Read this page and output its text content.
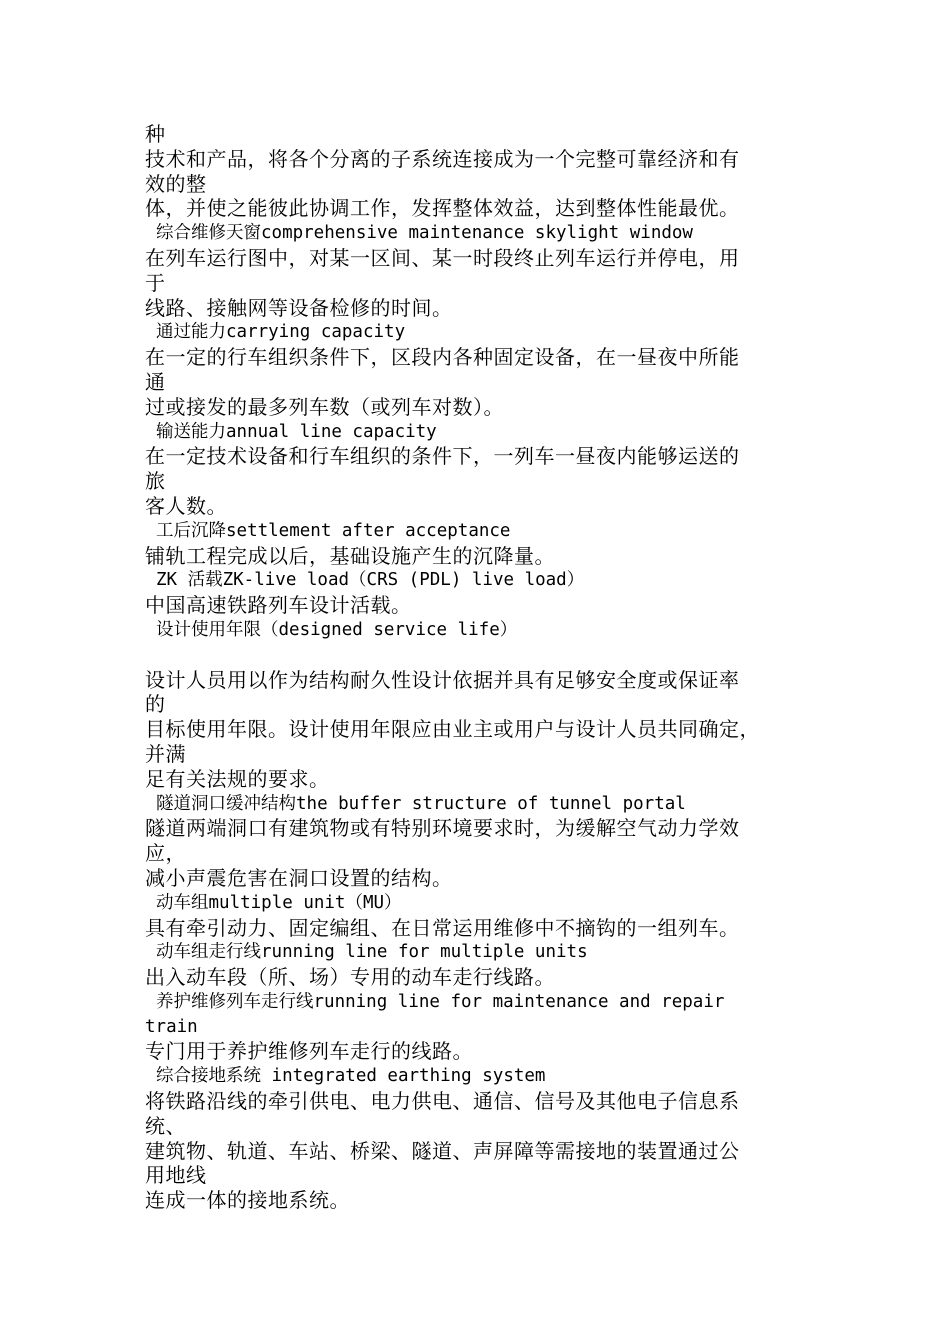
种
技术和产品，将各个分离的子系统连接成为一个完整可靠经济和有
效的整
体，并使之能彼此协调工作，发挥整体效益，达到整体性能最优。
综合维修天窗comprehensive maintenance skylight window
在列车运行图中，对某一区间、某一时段终止列车运行并停电，用
于
线路、接触网等设备检修的时间。
通过能力carrying capacity
在一定的行车组织条件下，区段内各种固定设备，在一昼夜中所能
通
过或接发的最多列车数（或列车对数）。
输送能力annual line capacity
在一定技术设备和行车组织的条件下，一列车一昼夜内能够运送的
旅
客人数。
工后沉降settlement after acceptance
铺轨工程完成以后，基础设施产生的沉降量。
ZK 活载ZK-live load（CRS (PDL) live load）
中国高速铁路列车设计活载。
设计使用年限（designed service life）
设计人员用以作为结构耐久性设计依据并具有足够安全度或保证率
的
目标使用年限。设计使用年限应由业主或用户与设计人员共同确定，
并满
足有关法规的要求。
隧道洞口缓冲结构the buffer structure of tunnel portal
隧道两端洞口有建筑物或有特别环境要求时，为缓解空气动力学效
应，
减小声震危害在洞口设置的结构。
动车组multiple unit（MU）
具有牵引动力、固定编组、在日常运用维修中不摘钩的一组列车。
动车组走行线running line for multiple units
出入动车段（所、场）专用的动车走行线路。
养护维修列车走行线running line for maintenance and repair
train
专门用于养护维修列车走行的线路。
综合接地系统 integrated earthing system
将铁路沿线的牵引供电、电力供电、通信、信号及其他电子信息系
统、
建筑物、轨道、车站、桥梁、隧道、声屏障等需接地的装置通过公
用地线
连成一体的接地系统。
